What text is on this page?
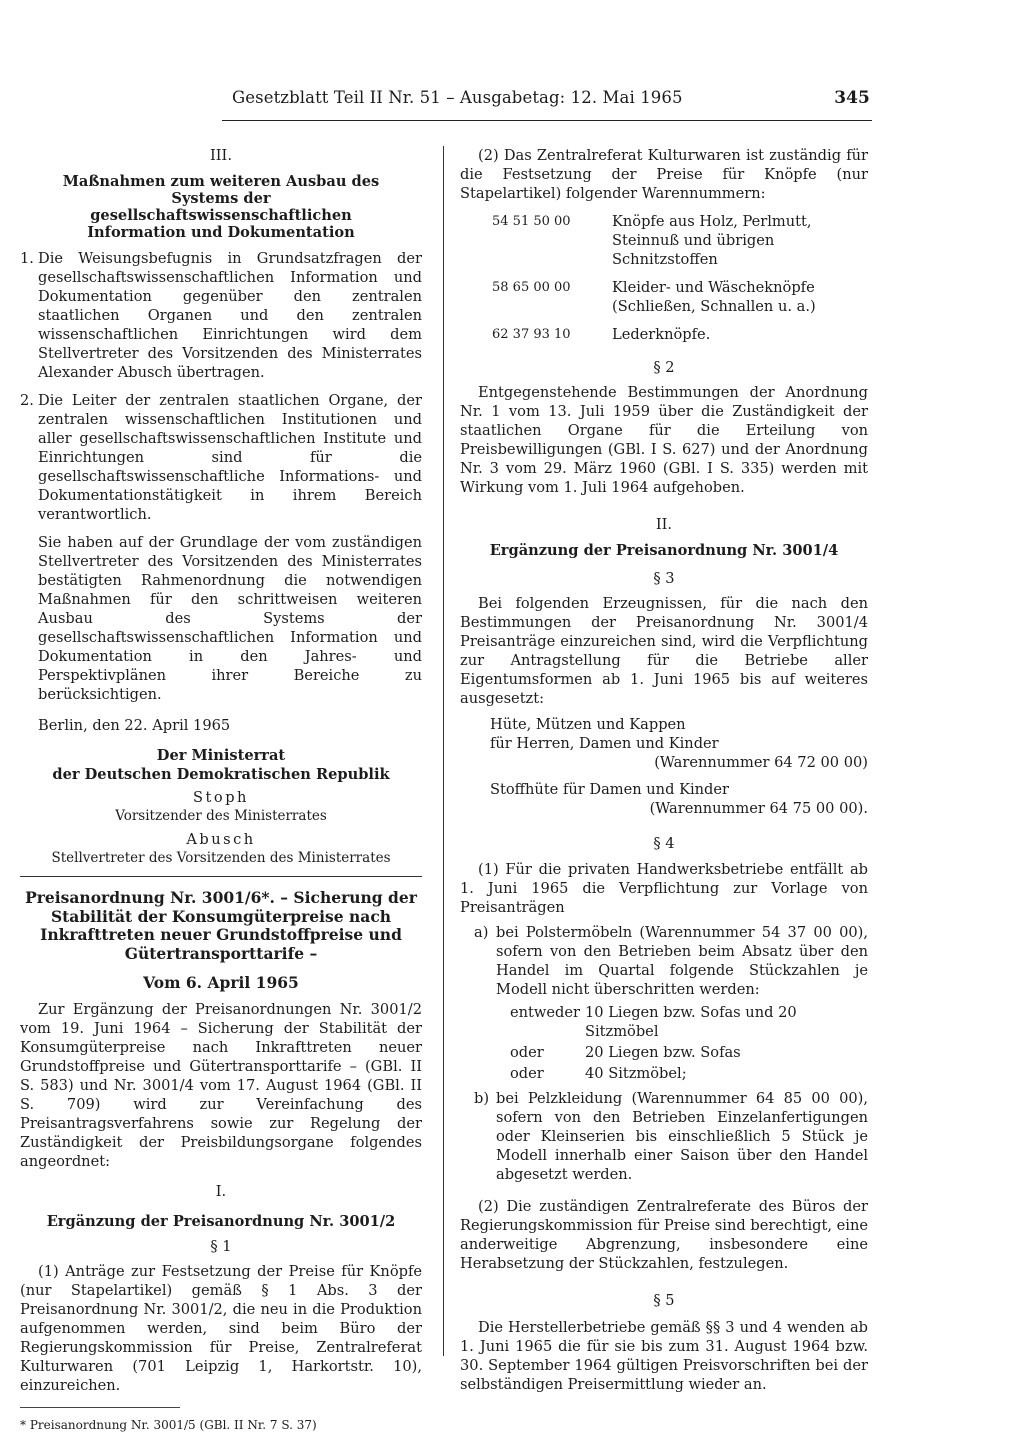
Gesetzblatt Teil II Nr. 51 – Ausgabetag: 12. Mai 1965	345

III.

Maßnahmen zum weiteren Ausbau des Systems der gesellschaftswissenschaftlichen Information und Dokumentation

1. Die Weisungsbefugnis in Grundsatzfragen der gesellschaftswissenschaftlichen Information und Dokumentation gegenüber den zentralen staatlichen Organen und den zentralen wissenschaftlichen Einrichtungen wird dem Stellvertreter des Vorsitzenden des Ministerrates Alexander Abusch übertragen.

2. Die Leiter der zentralen staatlichen Organe, der zentralen wissenschaftlichen Institutionen und aller gesellschaftswissenschaftlichen Institute und Einrichtungen sind für die gesellschaftswissenschaftliche Informations- und Dokumentationstätigkeit in ihrem Bereich verantwortlich.

Sie haben auf der Grundlage der vom zuständigen Stellvertreter des Vorsitzenden des Ministerrates bestätigten Rahmenordnung die notwendigen Maßnahmen für den schrittweisen weiteren Ausbau des Systems der gesellschaftswissenschaftlichen Information und Dokumentation in den Jahres- und Perspektivplänen ihrer Bereiche zu berücksichtigen.

Berlin, den 22. April 1965

Der Ministerrat

der Deutschen Demokratischen Republik

Stoph

Vorsitzender des Ministerrates

Abusch

Stellvertreter des Vorsitzenden des Ministerrates

Preisanordnung Nr. 3001/6*. – Sicherung der Stabilität der Konsumgüterpreise nach Inkrafttreten neuer Grundstoffpreise und Gütertransporttarife –

Vom 6. April 1965

Zur Ergänzung der Preisanordnungen Nr. 3001/2 vom 19. Juni 1964 – Sicherung der Stabilität der Konsumgüterpreise nach Inkrafttreten neuer Grundstoffpreise und Gütertransporttarife – (GBl. II S. 583) und Nr. 3001/4 vom 17. August 1964 (GBl. II S. 709) wird zur Vereinfachung des Preisantragsverfahrens sowie zur Regelung der Zuständigkeit der Preisbildungsorgane folgendes angeordnet:

I.

Ergänzung der Preisanordnung Nr. 3001/2

§ 1

(1) Anträge zur Festsetzung der Preise für Knöpfe (nur Stapelartikel) gemäß § 1 Abs. 3 der Preisanordnung Nr. 3001/2, die neu in die Produktion aufgenommen werden, sind beim Büro der Regierungskommission für Preise, Zentralreferat Kulturwaren (701 Leipzig 1, Harkortstr. 10), einzureichen.

* Preisanordnung Nr. 3001/5 (GBl. II Nr. 7 S. 37)

(2) Das Zentralreferat Kulturwaren ist zuständig für die Festsetzung der Preise für Knöpfe (nur Stapelartikel) folgender Warennummern:

54 51 50 00	Knöpfe aus Holz, Perlmutt, Steinnuß und übrigen Schnitzstoffen
58 65 00 00	Kleider- und Wäscheknöpfe (Schließen, Schnallen u. a.)
62 37 93 10	Lederknöpfe.

§ 2

Entgegenstehende Bestimmungen der Anordnung Nr. 1 vom 13. Juli 1959 über die Zuständigkeit der staatlichen Organe für die Erteilung von Preisbewilligungen (GBl. I S. 627) und der Anordnung Nr. 3 vom 29. März 1960 (GBl. I S. 335) werden mit Wirkung vom 1. Juli 1964 aufgehoben.

II.

Ergänzung der Preisanordnung Nr. 3001/4

§ 3

Bei folgenden Erzeugnissen, für die nach den Bestimmungen der Preisanordnung Nr. 3001/4 Preisanträge einzureichen sind, wird die Verpflichtung zur Antragstellung für die Betriebe aller Eigentumsformen ab 1. Juni 1965 bis auf weiteres ausgesetzt:

Hüte, Mützen und Kappen

für Herren, Damen und Kinder

(Warennummer 64 72 00 00)

Stoffhüte für Damen und Kinder

(Warennummer 64 75 00 00).

§ 4

(1) Für die privaten Handwerksbetriebe entfällt ab 1. Juni 1965 die Verpflichtung zur Vorlage von Preisanträgen

a) bei Polstermöbeln (Warennummer 54 37 00 00), sofern von den Betrieben beim Absatz über den Handel im Quartal folgende Stückzahlen je Modell nicht überschritten werden:

entweder 10 Liegen bzw. Sofas und 20 Sitzmöbel
oder	20 Liegen bzw. Sofas
oder	40 Sitzmöbel;
b) bei Pelzkleidung (Warennummer 64 85 00 00), sofern von den Betrieben Einzelanfertigungen oder Kleinserien bis einschließlich 5 Stück je Modell innerhalb einer Saison über den Handel abgesetzt werden.

(2) Die zuständigen Zentralreferate des Büros der Regierungskommission für Preise sind berechtigt, eine anderweitige Abgrenzung, insbesondere eine Herabsetzung der Stückzahlen, festzulegen.

§ 5

Die Herstellerbetriebe gemäß §§ 3 und 4 wenden ab 1. Juni 1965 die für sie bis zum 31. August 1964 bzw. 30. September 1964 gültigen Preisvorschriften bei der selbständigen Preisermittlung wieder an.
